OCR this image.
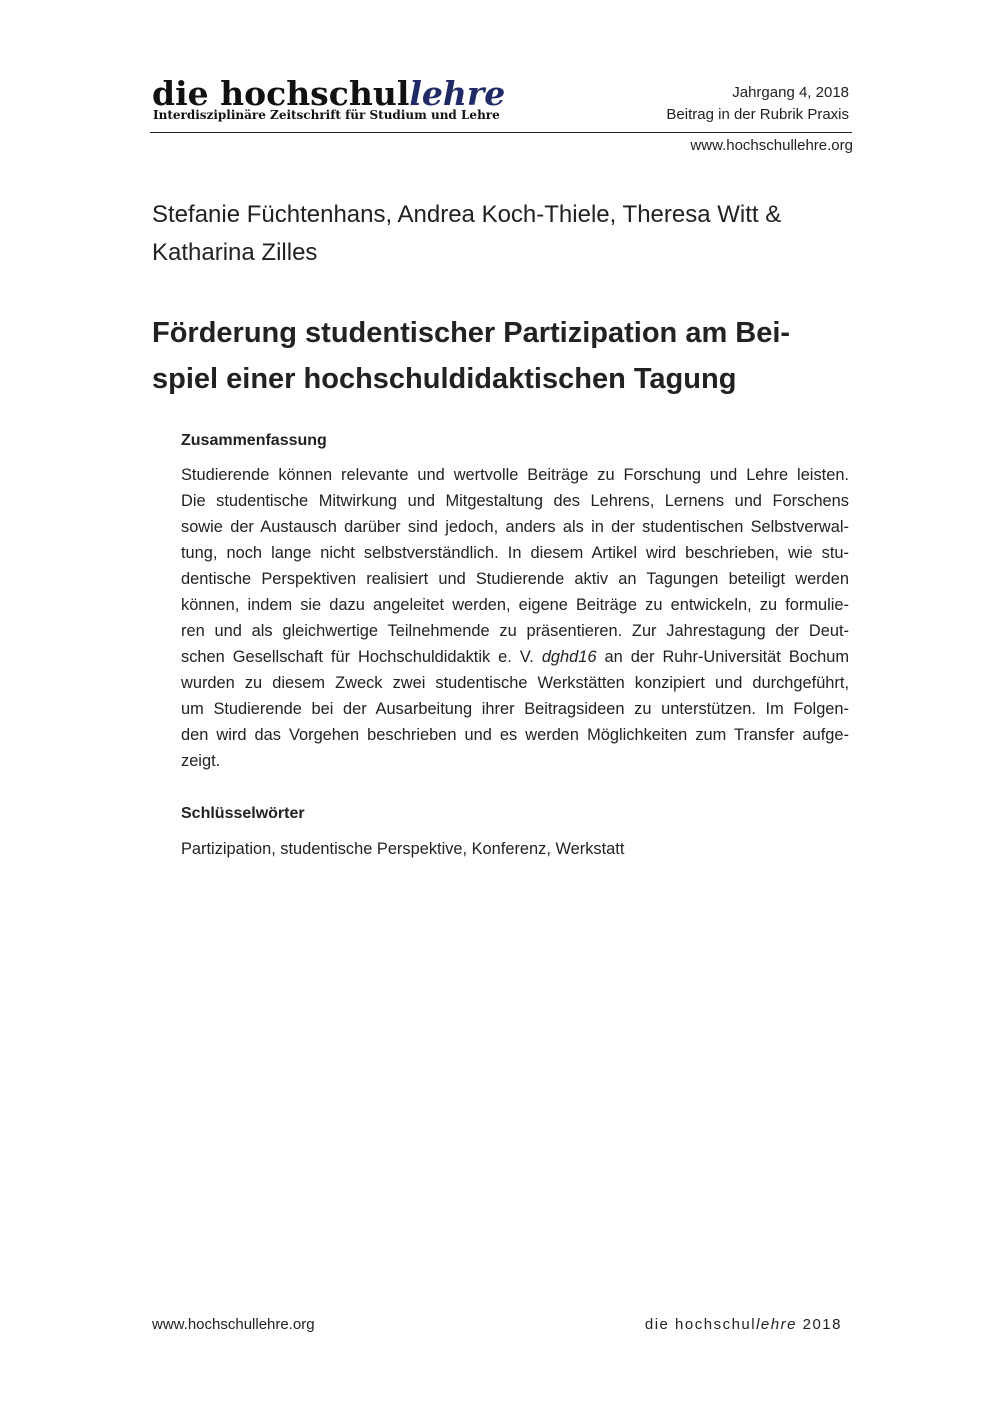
die hochschullehre
Interdisziplinäre Zeitschrift für Studium und Lehre
Jahrgang 4, 2018
Beitrag in der Rubrik Praxis
www.hochschullehre.org
Stefanie Füchtenhans, Andrea Koch-Thiele, Theresa Witt &
Katharina Zilles
Förderung studentischer Partizipation am Bei-
spiel einer hochschuldidaktischen Tagung
Zusammenfassung

Studierende können relevante und wertvolle Beiträge zu Forschung und Lehre leisten.
Die studentische Mitwirkung und Mitgestaltung des Lehrens, Lernens und Forschens
sowie der Austausch darüber sind jedoch, anders als in der studentischen Selbstverwal-
tung, noch lange nicht selbstverständlich. In diesem Artikel wird beschrieben, wie stu-
dentische Perspektiven realisiert und Studierende aktiv an Tagungen beteiligt werden
können, indem sie dazu angeleitet werden, eigene Beiträge zu entwickeln, zu formulie-
ren und als gleichwertige Teilnehmende zu präsentieren. Zur Jahrestagung der Deut-
schen Gesellschaft für Hochschuldidaktik e. V. dghd16 an der Ruhr-Universität Bochum
wurden zu diesem Zweck zwei studentische Werkstätten konzipiert und durchgeführt,
um Studierende bei der Ausarbeitung ihrer Beitragsideen zu unterstützen. Im Folgen-
den wird das Vorgehen beschrieben und es werden Möglichkeiten zum Transfer aufge-
zeigt.

Schlüsselwörter

Partizipation, studentische Perspektive, Konferenz, Werkstatt

www.hochschullehre.org	die hochschullehre 2018
